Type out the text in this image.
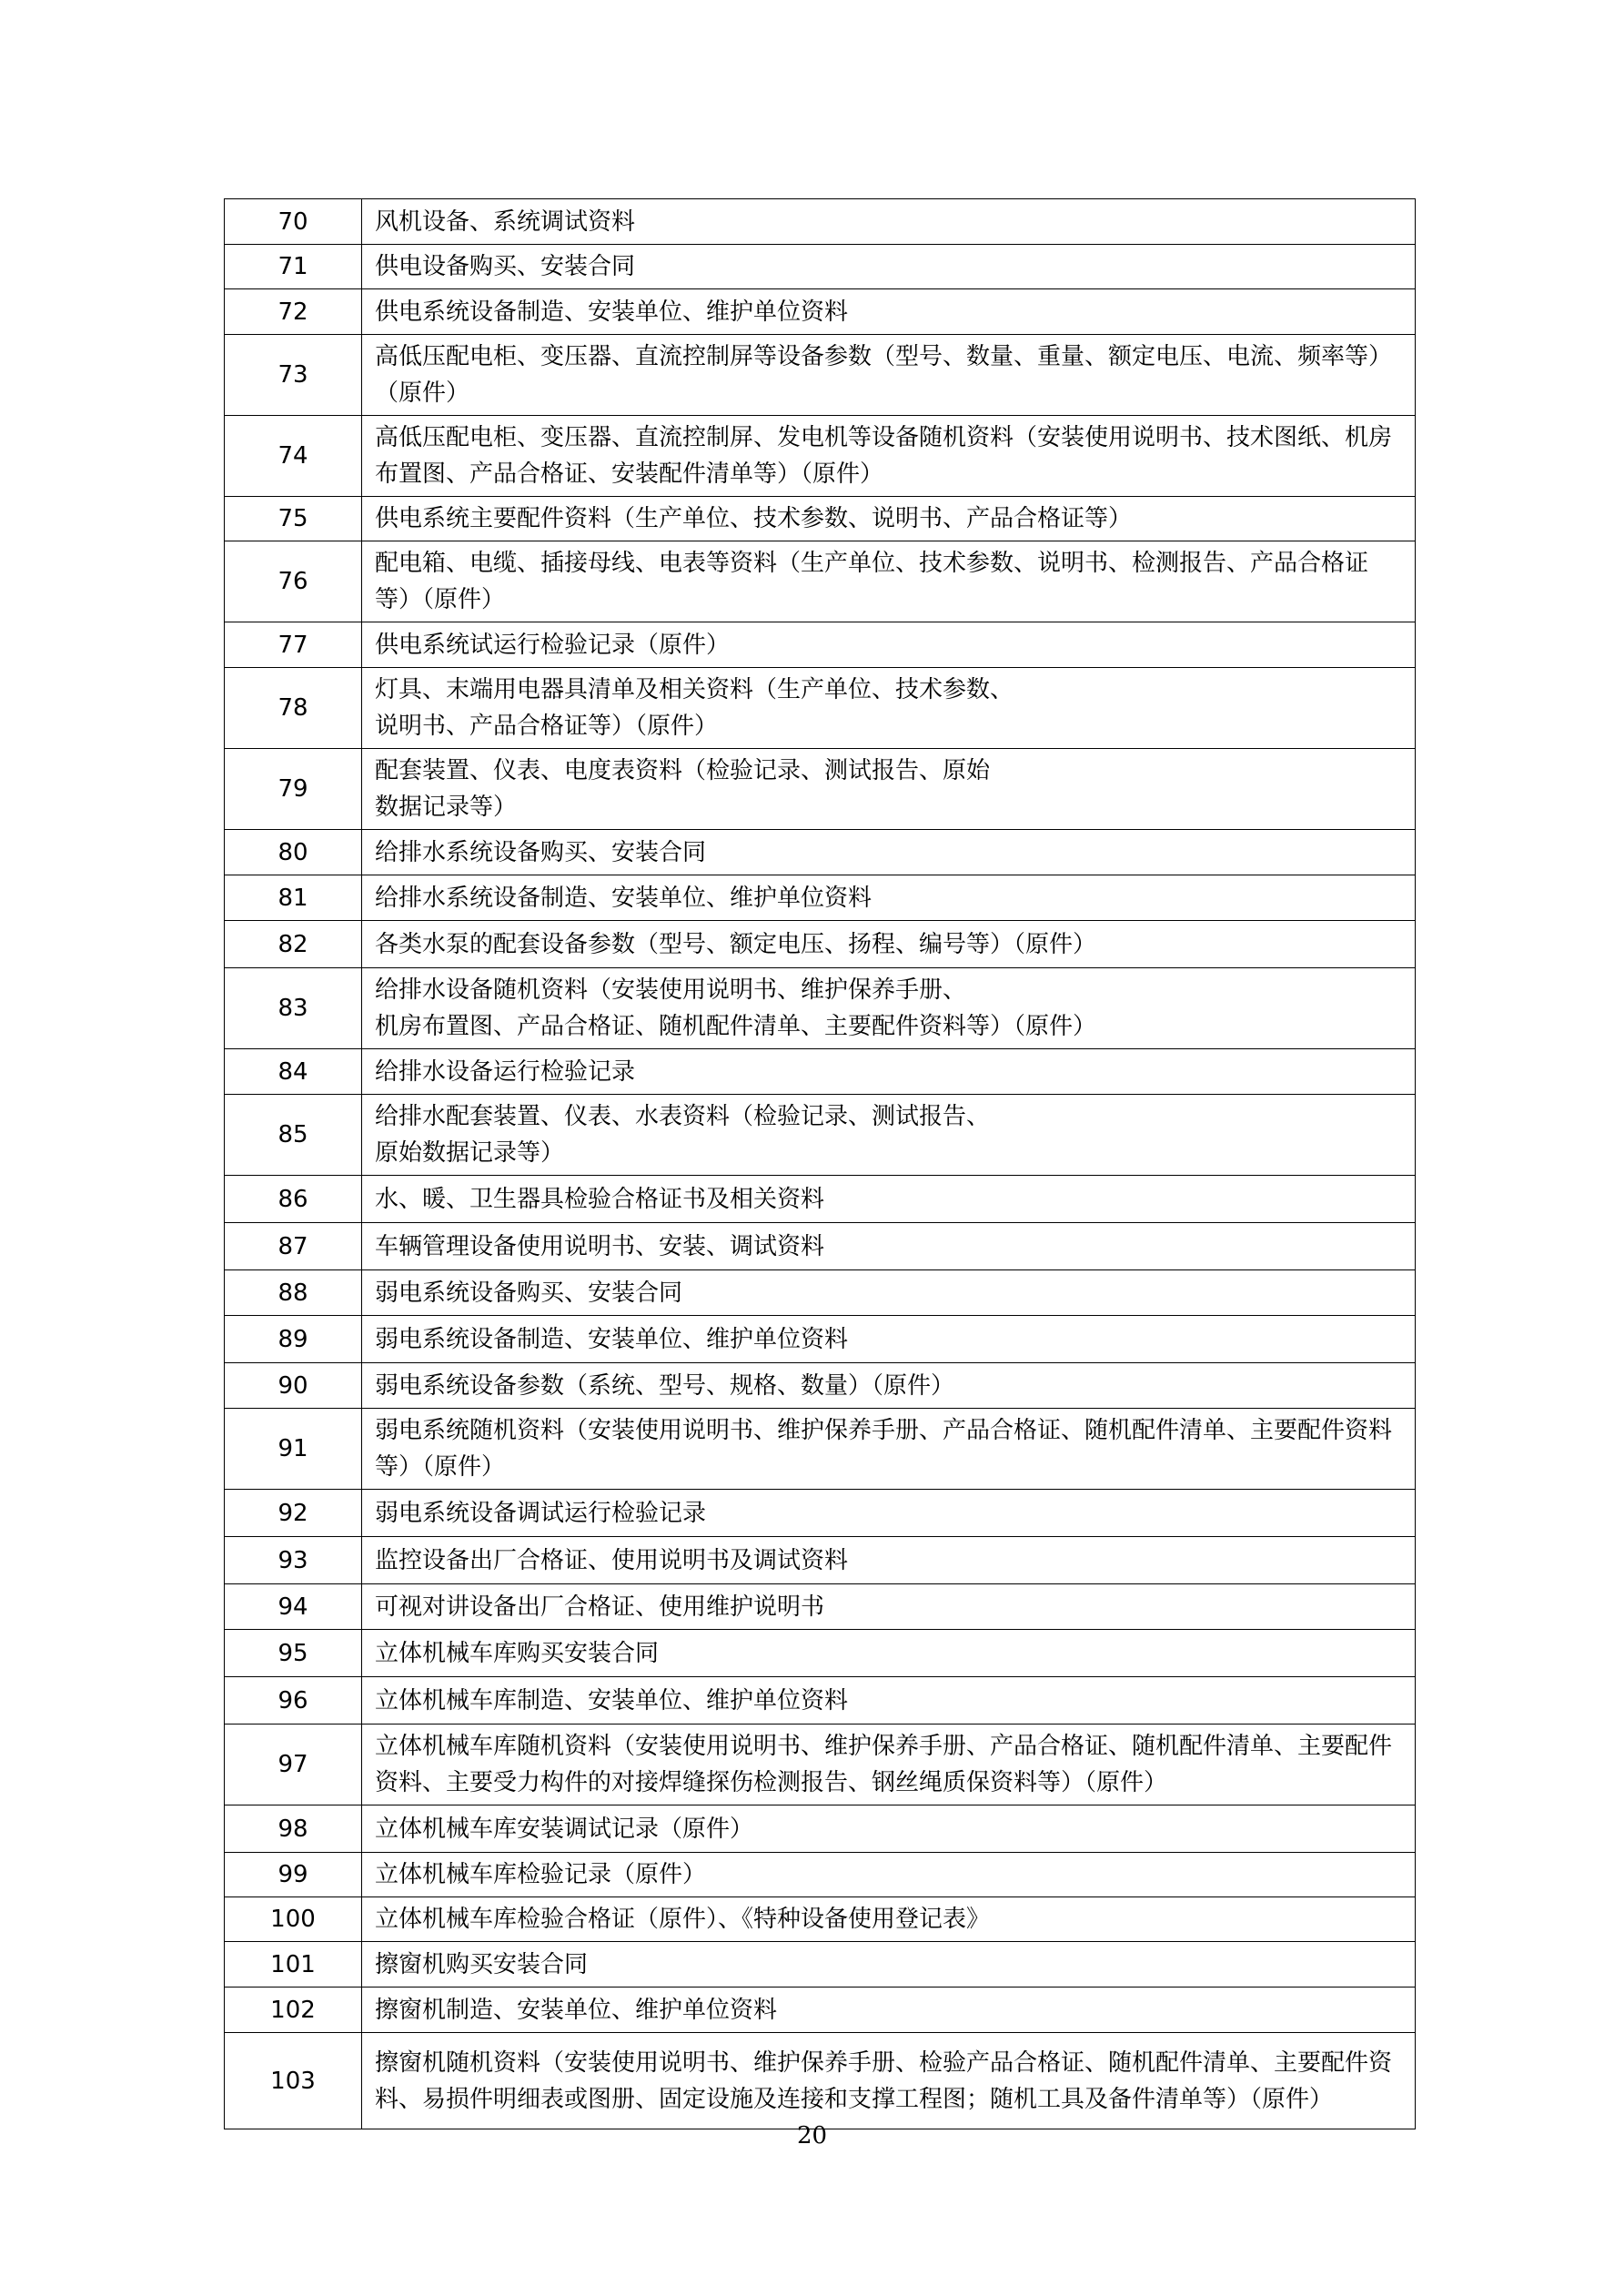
70	风机设备、系统调试资料
71	供电设备购买、安装合同
72	供电系统设备制造、安装单位、维护单位资料
73	高低压配电柜、变压器、直流控制屏等设备参数（型号、数量、重量、额定电压、电流、频率等）（原件）
74	高低压配电柜、变压器、直流控制屏、发电机等设备随机资料（安装使用说明书、技术图纸、机房布置图、产品合格证、安装配件清单等）（原件）
75	供电系统主要配件资料（生产单位、技术参数、说明书、产品合格证等）
76	配电箱、电缆、插接母线、电表等资料（生产单位、技术参数、说明书、检测报告、产品合格证等）（原件）
77	供电系统试运行检验记录（原件）
78	灯具、末端用电器具清单及相关资料（生产单位、技术参数、
说明书、产品合格证等）（原件）
79	配套装置、仪表、电度表资料（检验记录、测试报告、原始
数据记录等）
80	给排水系统设备购买、安装合同
81	给排水系统设备制造、安装单位、维护单位资料
82	各类水泵的配套设备参数（型号、额定电压、扬程、编号等）（原件）
83	给排水设备随机资料（安装使用说明书、维护保养手册、
机房布置图、产品合格证、随机配件清单、主要配件资料等）（原件）
84	给排水设备运行检验记录
85	给排水配套装置、仪表、水表资料（检验记录、测试报告、
原始数据记录等）
86	水、暖、卫生器具检验合格证书及相关资料
87	车辆管理设备使用说明书、安装、调试资料
88	弱电系统设备购买、安装合同
89	弱电系统设备制造、安装单位、维护单位资料
90	弱电系统设备参数（系统、型号、规格、数量）（原件）
91	弱电系统随机资料（安装使用说明书、维护保养手册、产品合格证、随机配件清单、主要配件资料等）（原件）
92	弱电系统设备调试运行检验记录
93	监控设备出厂合格证、使用说明书及调试资料
94	可视对讲设备出厂合格证、使用维护说明书
95	立体机械车库购买安装合同
96	立体机械车库制造、安装单位、维护单位资料
97	立体机械车库随机资料（安装使用说明书、维护保养手册、产品合格证、随机配件清单、主要配件资料、主要受力构件的对接焊缝探伤检测报告、钢丝绳质保资料等）（原件）
98	立体机械车库安装调试记录（原件）
99	立体机械车库检验记录（原件）
100	立体机械车库检验合格证（原件）、《特种设备使用登记表》
101	擦窗机购买安装合同
102	擦窗机制造、安装单位、维护单位资料
103	擦窗机随机资料（安装使用说明书、维护保养手册、检验产品合格证、随机配件清单、主要配件资料、易损件明细表或图册、固定设施及连接和支撑工程图；随机工具及备件清单等）（原件）
20
